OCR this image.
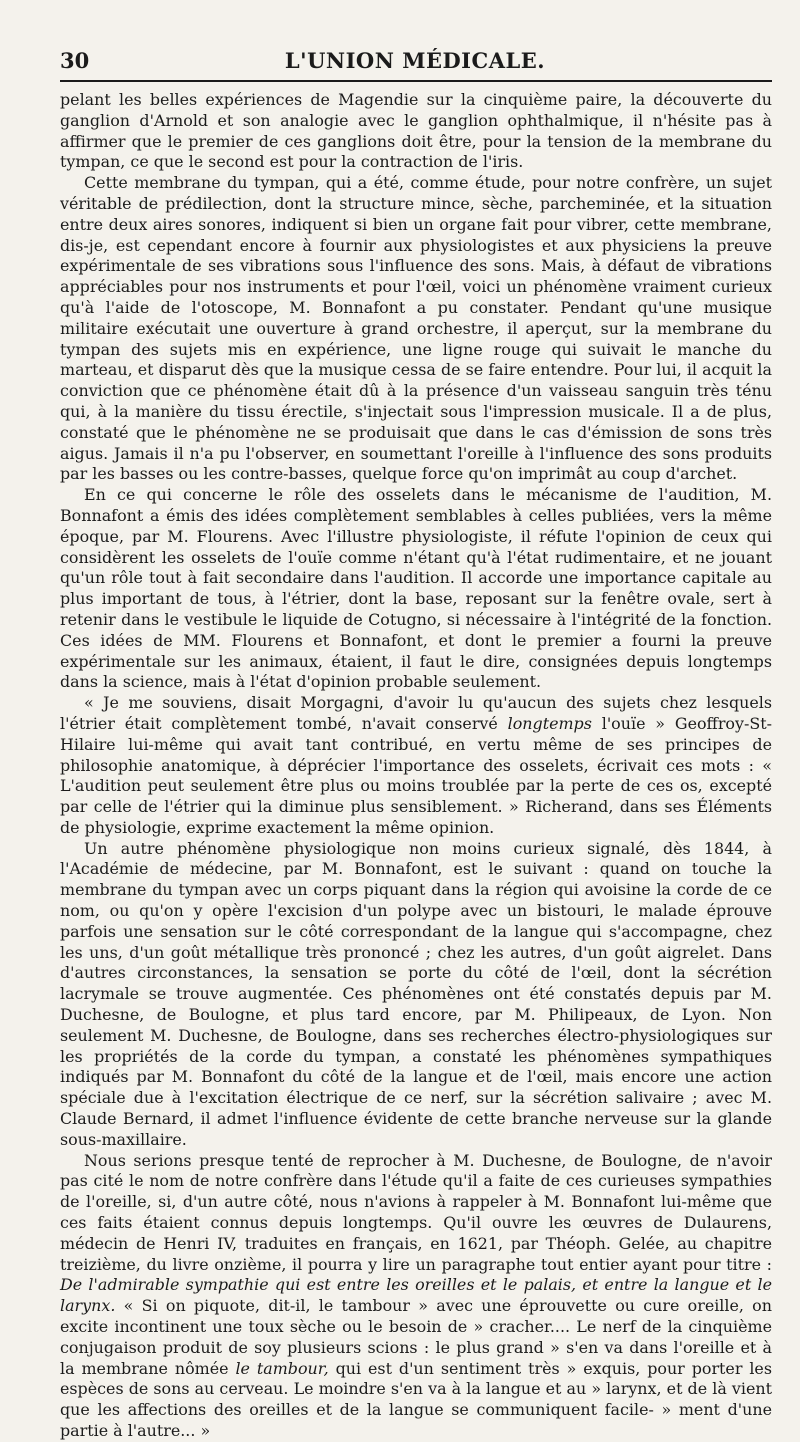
30	L'UNION MÉDICALE.

pelant les belles expériences de Magendie sur la cinquième paire, la découverte du ganglion d'Arnold et son analogie avec le ganglion ophthalmique, il n'hésite pas à affirmer que le premier de ces ganglions doit être, pour la tension de la membrane du tympan, ce que le second est pour la contraction de l'iris.

Cette membrane du tympan, qui a été, comme étude, pour notre confrère, un sujet véritable de prédilection, dont la structure mince, sèche, parcheminée, et la situation entre deux aires sonores, indiquent si bien un organe fait pour vibrer, cette membrane, dis-je, est cependant encore à fournir aux physiologistes et aux physiciens la preuve expérimentale de ses vibrations sous l'influence des sons. Mais, à défaut de vibrations appréciables pour nos instruments et pour l'œil, voici un phénomène vraiment curieux qu'à l'aide de l'otoscope, M. Bonnafont a pu constater. Pendant qu'une musique militaire exécutait une ouverture à grand orchestre, il aperçut, sur la membrane du tympan des sujets mis en expérience, une ligne rouge qui suivait le manche du marteau, et disparut dès que la musique cessa de se faire entendre. Pour lui, il acquit la conviction que ce phénomène était dû à la présence d'un vaisseau sanguin très ténu qui, à la manière du tissu érectile, s'injectait sous l'impression musicale. Il a de plus, constaté que le phénomène ne se produisait que dans le cas d'émission de sons très aigus. Jamais il n'a pu l'observer, en soumettant l'oreille à l'influence des sons produits par les basses ou les contre-basses, quelque force qu'on imprimât au coup d'archet.

En ce qui concerne le rôle des osselets dans le mécanisme de l'audition, M. Bonnafont a émis des idées complètement semblables à celles publiées, vers la même époque, par M. Flourens. Avec l'illustre physiologiste, il réfute l'opinion de ceux qui considèrent les osselets de l'ouïe comme n'étant qu'à l'état rudimentaire, et ne jouant qu'un rôle tout à fait secondaire dans l'audition. Il accorde une importance capitale au plus important de tous, à l'étrier, dont la base, reposant sur la fenêtre ovale, sert à retenir dans le vestibule le liquide de Cotugno, si nécessaire à l'intégrité de la fonction. Ces idées de MM. Flourens et Bonnafont, et dont le premier a fourni la preuve expérimentale sur les animaux, étaient, il faut le dire, consignées depuis longtemps dans la science, mais à l'état d'opinion probable seulement.

« Je me souviens, disait Morgagni, d'avoir lu qu'aucun des sujets chez lesquels l'étrier était complètement tombé, n'avait conservé longtemps l'ouïe » Geoffroy-St-Hilaire lui-même qui avait tant contribué, en vertu même de ses principes de philosophie anatomique, à déprécier l'importance des osselets, écrivait ces mots : « L'audition peut seulement être plus ou moins troublée par la perte de ces os, excepté par celle de l'étrier qui la diminue plus sensiblement. » Richerand, dans ses Éléments de physiologie, exprime exactement la même opinion.

Un autre phénomène physiologique non moins curieux signalé, dès 1844, à l'Académie de médecine, par M. Bonnafont, est le suivant : quand on touche la membrane du tympan avec un corps piquant dans la région qui avoisine la corde de ce nom, ou qu'on y opère l'excision d'un polype avec un bistouri, le malade éprouve parfois une sensation sur le côté correspondant de la langue qui s'accompagne, chez les uns, d'un goût métallique très prononcé ; chez les autres, d'un goût aigrelet. Dans d'autres circonstances, la sensation se porte du côté de l'œil, dont la sécrétion lacrymale se trouve augmentée. Ces phénomènes ont été constatés depuis par M. Duchesne, de Boulogne, et plus tard encore, par M. Philipeaux, de Lyon. Non seulement M. Duchesne, de Boulogne, dans ses recherches électro-physiologiques sur les propriétés de la corde du tympan, a constaté les phénomènes sympathiques indiqués par M. Bonnafont du côté de la langue et de l'œil, mais encore une action spéciale due à l'excitation électrique de ce nerf, sur la sécrétion salivaire ; avec M. Claude Bernard, il admet l'influence évidente de cette branche nerveuse sur la glande sous-maxillaire.

Nous serions presque tenté de reprocher à M. Duchesne, de Boulogne, de n'avoir pas cité le nom de notre confrère dans l'étude qu'il a faite de ces curieuses sympathies de l'oreille, si, d'un autre côté, nous n'avions à rappeler à M. Bonnafont lui-même que ces faits étaient connus depuis longtemps. Qu'il ouvre les œuvres de Dulaurens, médecin de Henri IV, traduites en français, en 1621, par Théoph. Gelée, au chapitre treizième, du livre onzième, il pourra y lire un paragraphe tout entier ayant pour titre : De l'admirable sympathie qui est entre les oreilles et le palais, et entre la langue et le larynx. « Si on piquote, dit-il, le tambour » avec une éprouvette ou cure oreille, on excite incontinent une toux sèche ou le besoin de » cracher.... Le nerf de la cinquième conjugaison produit de soy plusieurs scions : le plus grand » s'en va dans l'oreille et à la membrane nômée le tambour, qui est d'un sentiment très » exquis, pour porter les espèces de sons au cerveau. Le moindre s'en va à la langue et au » larynx, et de là vient que les affections des oreilles et de la langue se communiquent facile- » ment d'une partie à l'autre... »
